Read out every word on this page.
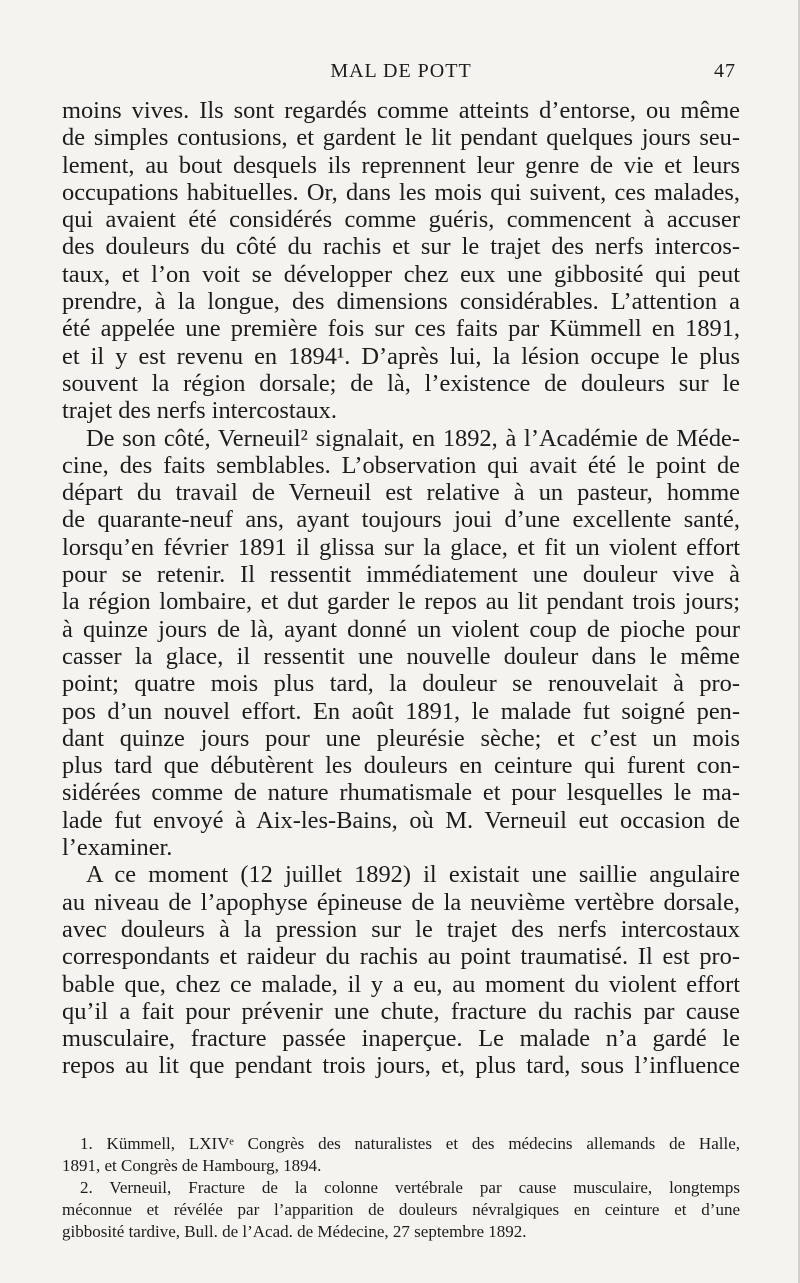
MAL DE POTT	47
moins vives. Ils sont regardés comme atteints d’entorse, ou même
de simples contusions, et gardent le lit pendant quelques jours seu-
lement, au bout desquels ils reprennent leur genre de vie et leurs
occupations habituelles. Or, dans les mois qui suivent, ces malades,
qui avaient été considérés comme guéris, commencent à accuser
des douleurs du côté du rachis et sur le trajet des nerfs intercos-
taux, et l’on voit se développer chez eux une gibbosité qui peut
prendre, à la longue, des dimensions considérables. L’attention a
été appelée une première fois sur ces faits par Kümmell en 1891,
et il y est revenu en 1894¹. D’après lui, la lésion occupe le plus
souvent la région dorsale; de là, l’existence de douleurs sur le
trajet des nerfs intercostaux.
De son côté, Verneuil² signalait, en 1892, à l’Académie de Méde-
cine, des faits semblables. L’observation qui avait été le point de
départ du travail de Verneuil est relative à un pasteur, homme
de quarante-neuf ans, ayant toujours joui d’une excellente santé,
lorsqu’en février 1891 il glissa sur la glace, et fit un violent effort
pour se retenir. Il ressentit immédiatement une douleur vive à
la région lombaire, et dut garder le repos au lit pendant trois jours;
à quinze jours de là, ayant donné un violent coup de pioche pour
casser la glace, il ressentit une nouvelle douleur dans le même
point; quatre mois plus tard, la douleur se renouvelait à pro-
pos d’un nouvel effort. En août 1891, le malade fut soigné pen-
dant quinze jours pour une pleurésie sèche; et c’est un mois
plus tard que débutèrent les douleurs en ceinture qui furent con-
sidérées comme de nature rhumatismale et pour lesquelles le ma-
lade fut envoyé à Aix-les-Bains, où M. Verneuil eut occasion de
l’examiner.
A ce moment (12 juillet 1892) il existait une saillie angulaire
au niveau de l’apophyse épineuse de la neuvième vertèbre dorsale,
avec douleurs à la pression sur le trajet des nerfs intercostaux
correspondants et raideur du rachis au point traumatisé. Il est pro-
bable que, chez ce malade, il y a eu, au moment du violent effort
qu’il a fait pour prévenir une chute, fracture du rachis par cause
musculaire, fracture passée inaperçue. Le malade n’a gardé le
repos au lit que pendant trois jours, et, plus tard, sous l’influence
1. Kümmell, LXIVᵉ Congrès des naturalistes et des médecins allemands de Halle,
1891, et Congrès de Hambourg, 1894.
2. Verneuil, Fracture de la colonne vertébrale par cause musculaire, longtemps
méconnue et révélée par l’apparition de douleurs névralgiques en ceinture et d’une
gibbosité tardive, Bull. de l’Acad. de Médecine, 27 septembre 1892.
